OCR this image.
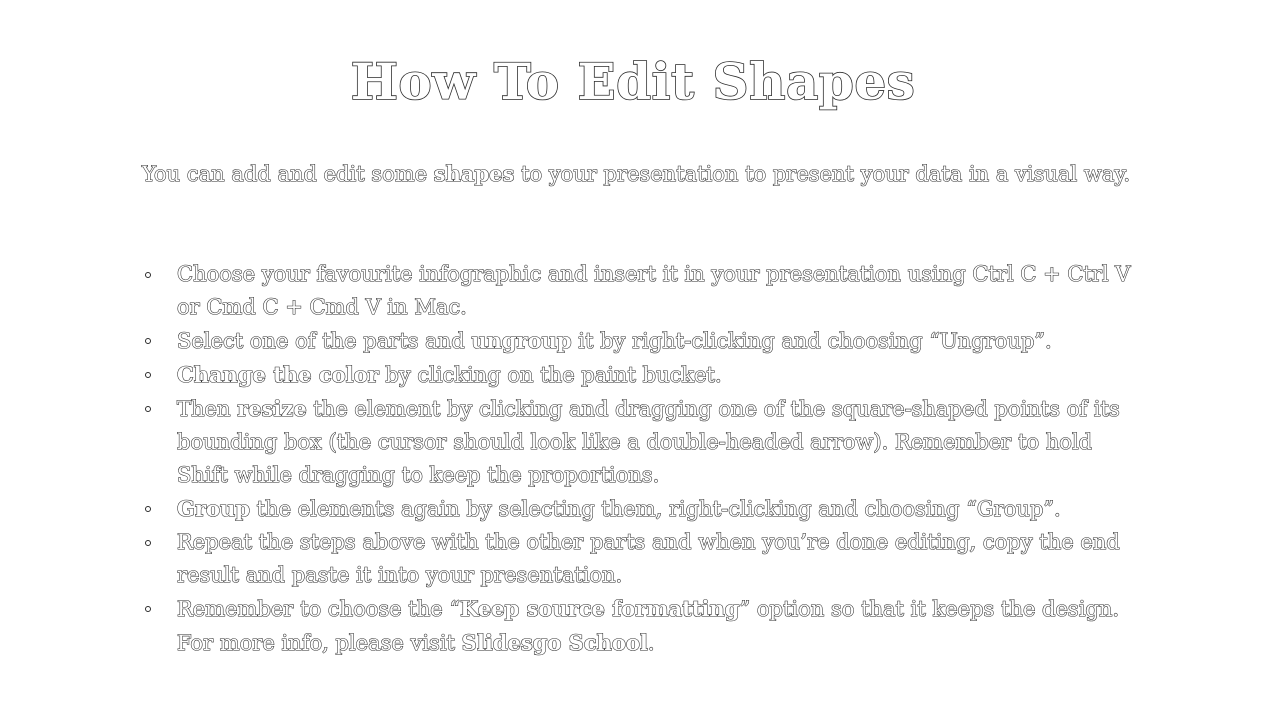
How To Edit Shapes

You can add and edit some shapes to your presentation to present your data in a visual way.

Choose your favourite infographic and insert it in your presentation using Ctrl C + Ctrl V or Cmd C + Cmd V in Mac.
Select one of the parts and ungroup it by right-clicking and choosing “Ungroup”.
Change the color by clicking on the paint bucket.
Then resize the element by clicking and dragging one of the square-shaped points of its bounding box (the cursor should look like a double-headed arrow). Remember to hold Shift while dragging to keep the proportions.
Group the elements again by selecting them, right-clicking and choosing “Group”.
Repeat the steps above with the other parts and when you’re done editing, copy the end result and paste it into your presentation.
Remember to choose the “Keep source formatting” option so that it keeps the design. For more info, please visit Slidesgo School.
